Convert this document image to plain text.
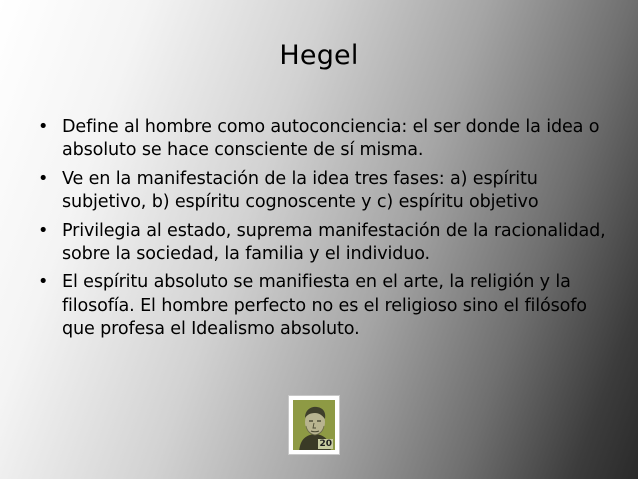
Hegel
• Define al hombre como autoconciencia: el ser donde la idea o absoluto se hace consciente de sí misma.
• Ve en la manifestación de la idea tres fases: a) espíritu subjetivo, b) espíritu cognoscente y c) espíritu objetivo
• Privilegia al estado, suprema manifestación de la racionalidad, sobre la sociedad, la familia y el individuo.
• El espíritu absoluto se manifiesta en el arte, la religión y la filosofía. El hombre perfecto no es el religioso sino el filósofo que profesa el Idealismo absoluto.
20
